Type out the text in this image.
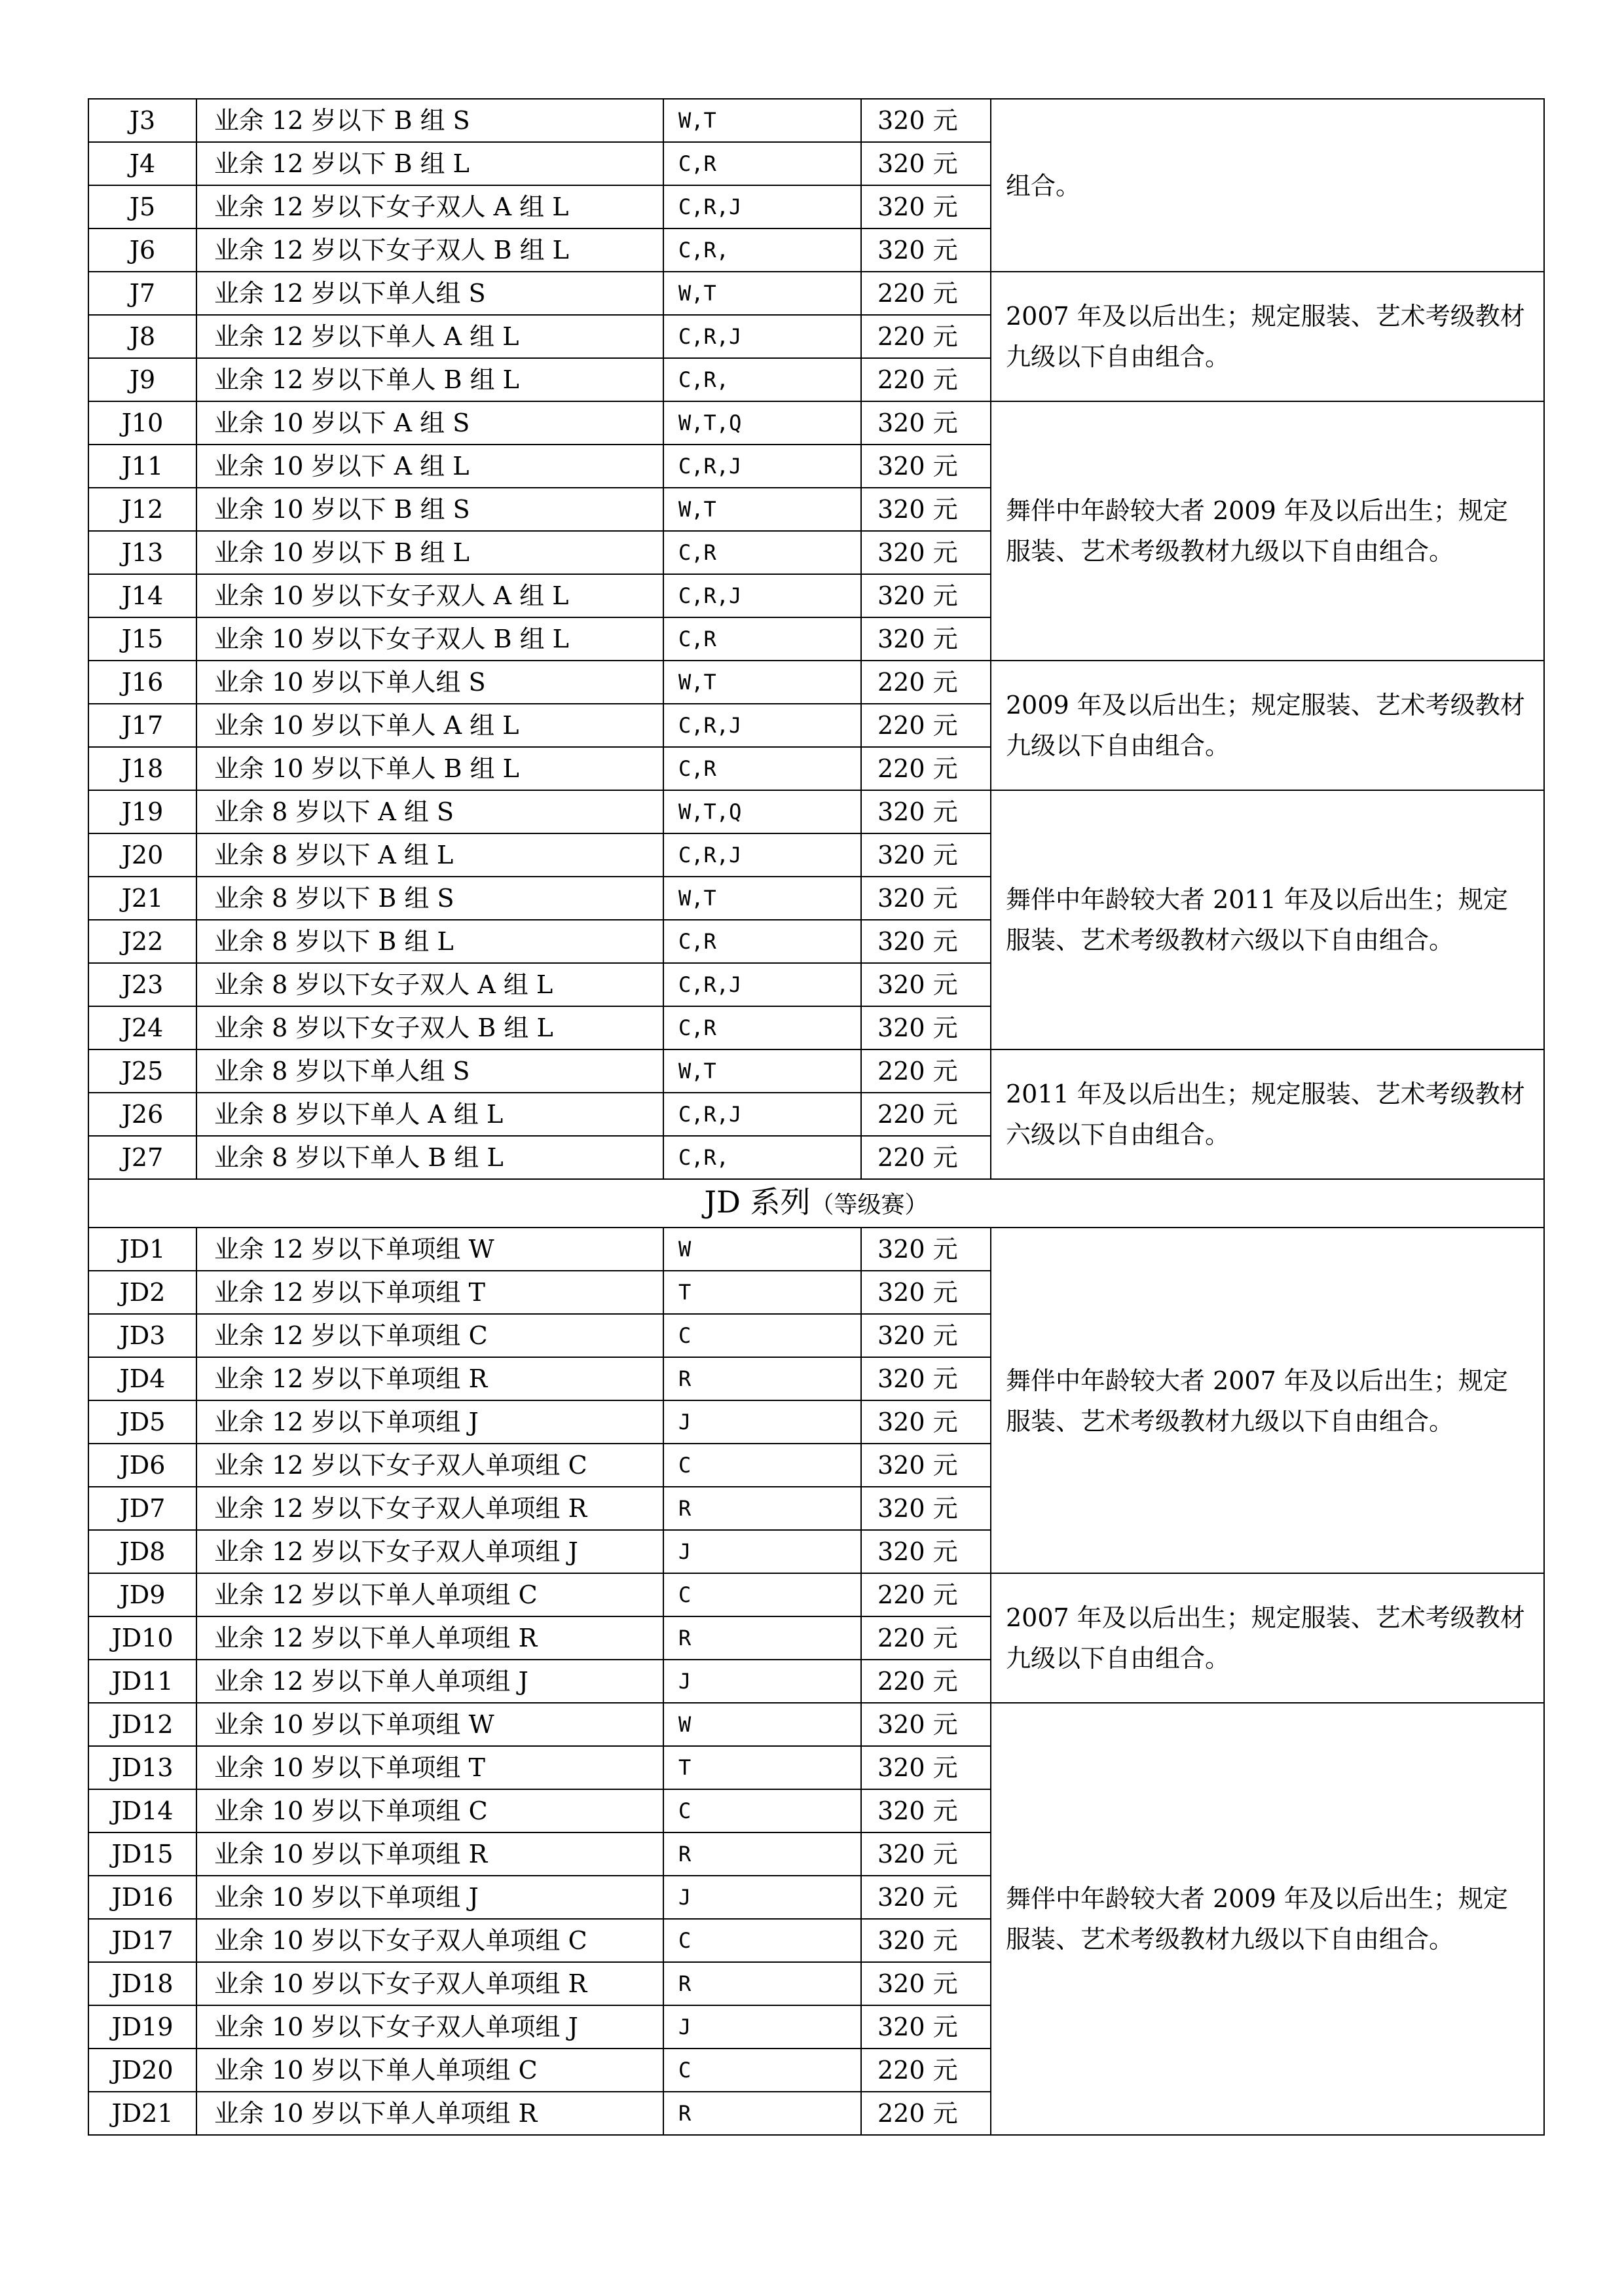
J3	业余 12 岁以下 B 组 S	W,T	320 元	组合。

J4	业余 12 岁以下 B 组 L	C,R	320 元	
J5	业余 12 岁以下女子双人 A 组 L	C,R,J	320 元	
J6	业余 12 岁以下女子双人 B 组 L	C,R,	320 元	
J7	业余 12 岁以下单人组 S	W,T	220 元	2007 年及以后出生；规定服装、艺术考级教材九级以下自由组合。

J8	业余 12 岁以下单人 A 组 L	C,R,J	220 元	
J9	业余 12 岁以下单人 B 组 L	C,R,	220 元	
J10	业余 10 岁以下 A 组 S	W,T,Q	320 元	舞伴中年龄较大者 2009 年及以后出生；规定服装、艺术考级教材九级以下自由组合。

J11	业余 10 岁以下 A 组 L	C,R,J	320 元	
J12	业余 10 岁以下 B 组 S	W,T	320 元	
J13	业余 10 岁以下 B 组 L	C,R	320 元	
J14	业余 10 岁以下女子双人 A 组 L	C,R,J	320 元	
J15	业余 10 岁以下女子双人 B 组 L	C,R	320 元	
J16	业余 10 岁以下单人组 S	W,T	220 元	2009 年及以后出生；规定服装、艺术考级教材九级以下自由组合。

J17	业余 10 岁以下单人 A 组 L	C,R,J	220 元	
J18	业余 10 岁以下单人 B 组 L	C,R	220 元	
J19	业余 8 岁以下 A 组 S	W,T,Q	320 元	舞伴中年龄较大者 2011 年及以后出生；规定服装、艺术考级教材六级以下自由组合。

J20	业余 8 岁以下 A 组 L	C,R,J	320 元	
J21	业余 8 岁以下 B 组 S	W,T	320 元	
J22	业余 8 岁以下 B 组 L	C,R	320 元	
J23	业余 8 岁以下女子双人 A 组 L	C,R,J	320 元	
J24	业余 8 岁以下女子双人 B 组 L	C,R	320 元	
J25	业余 8 岁以下单人组 S	W,T	220 元	2011 年及以后出生；规定服装、艺术考级教材六级以下自由组合。

J26	业余 8 岁以下单人 A 组 L	C,R,J	220 元	
J27	业余 8 岁以下单人 B 组 L	C,R,	220 元	
JD 系列（等级赛）				
JD1	业余 12 岁以下单项组 W	W	320 元	舞伴中年龄较大者 2007 年及以后出生；规定服装、艺术考级教材九级以下自由组合。

JD2	业余 12 岁以下单项组 T	T	320 元	
JD3	业余 12 岁以下单项组 C	C	320 元	
JD4	业余 12 岁以下单项组 R	R	320 元	
JD5	业余 12 岁以下单项组 J	J	320 元	
JD6	业余 12 岁以下女子双人单项组 C	C	320 元	
JD7	业余 12 岁以下女子双人单项组 R	R	320 元	
JD8	业余 12 岁以下女子双人单项组 J	J	320 元	
JD9	业余 12 岁以下单人单项组 C	C	220 元	2007 年及以后出生；规定服装、艺术考级教材九级以下自由组合。

JD10	业余 12 岁以下单人单项组 R	R	220 元	
JD11	业余 12 岁以下单人单项组 J	J	220 元	
JD12	业余 10 岁以下单项组 W	W	320 元	舞伴中年龄较大者 2009 年及以后出生；规定服装、艺术考级教材九级以下自由组合。

JD13	业余 10 岁以下单项组 T	T	320 元	
JD14	业余 10 岁以下单项组 C	C	320 元	
JD15	业余 10 岁以下单项组 R	R	320 元	
JD16	业余 10 岁以下单项组 J	J	320 元	
JD17	业余 10 岁以下女子双人单项组 C	C	320 元	
JD18	业余 10 岁以下女子双人单项组 R	R	320 元	
JD19	业余 10 岁以下女子双人单项组 J	J	320 元	
JD20	业余 10 岁以下单人单项组 C	C	220 元	
JD21	业余 10 岁以下单人单项组 R	R	220 元	
